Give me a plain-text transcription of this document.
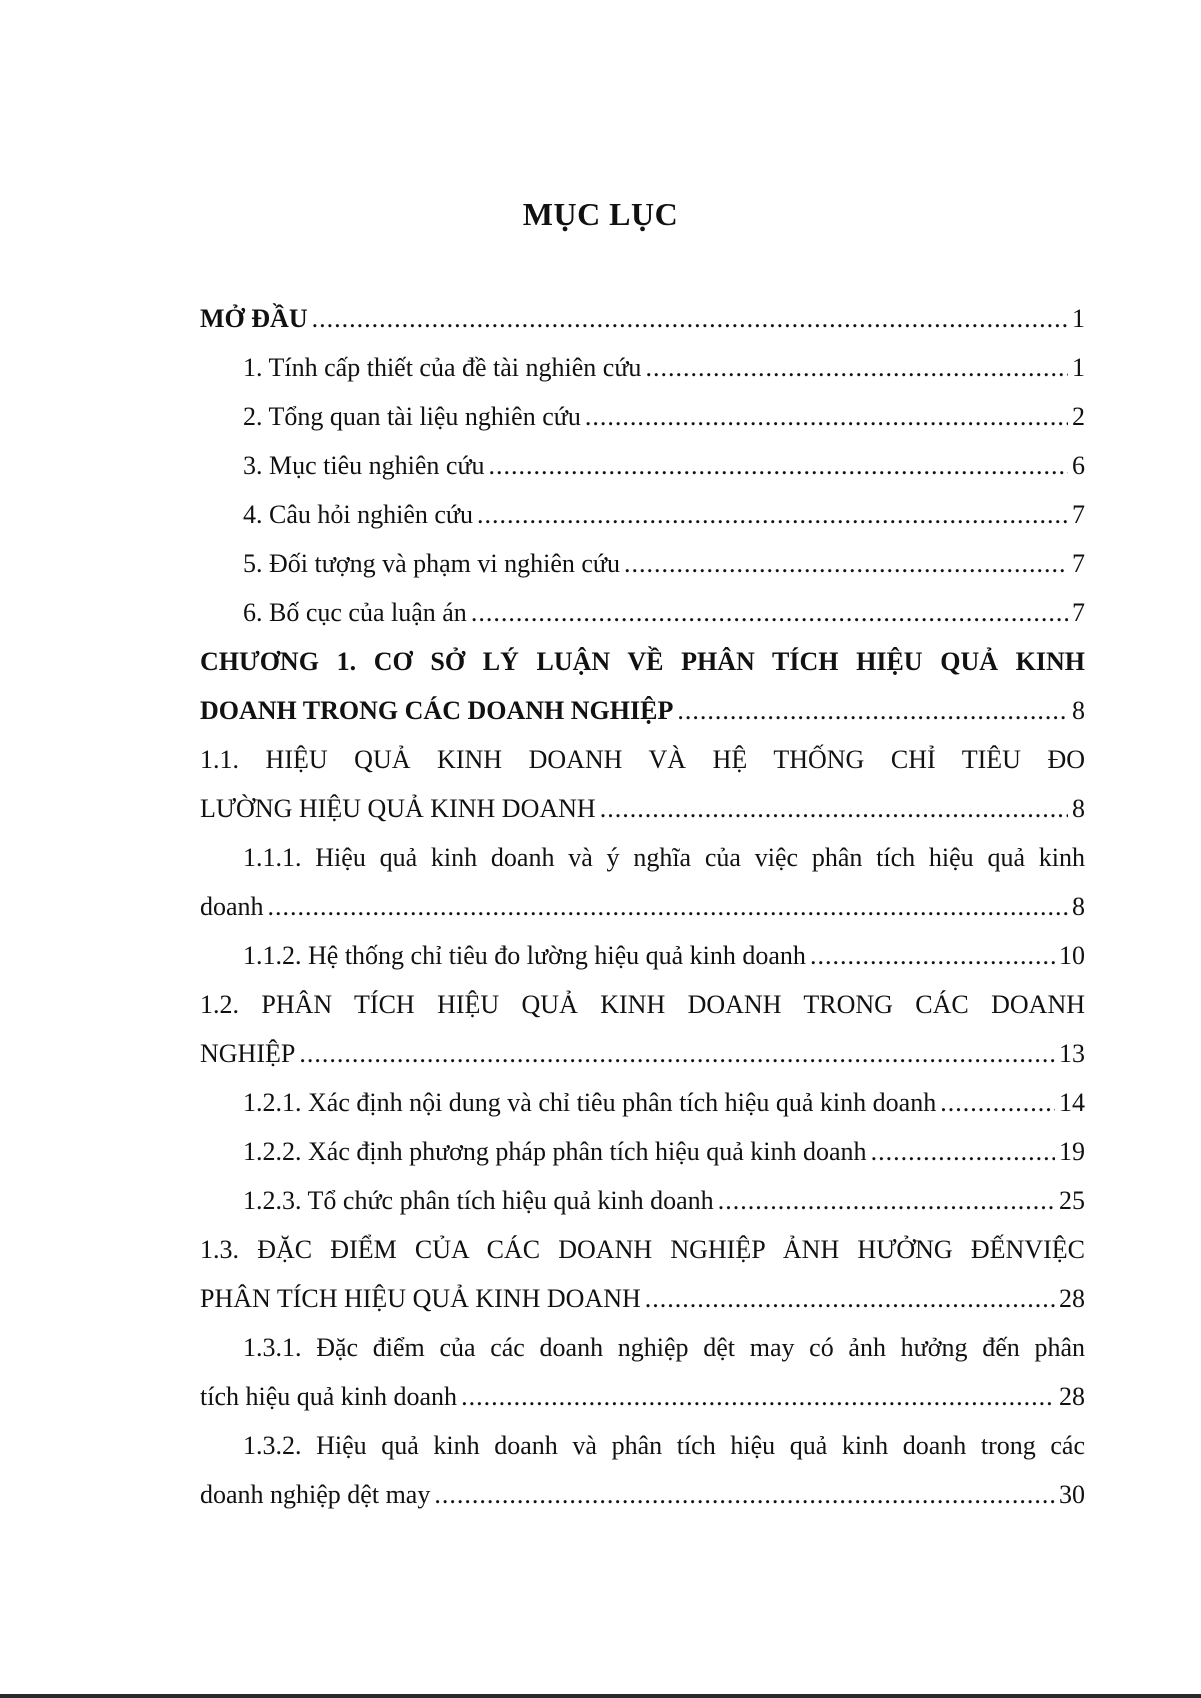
MỤC LỤC
MỞ ĐẦU .....	1
1. Tính cấp thiết của đề tài nghiên cứu .....	1
2. Tổng quan tài liệu nghiên cứu .....	2
3. Mục tiêu nghiên cứu .....	6
4. Câu hỏi nghiên cứu .....	7
5. Đối tượng và phạm vi nghiên cứu .....	7
6. Bố cục của luận án .....	7
CHƯƠNG 1. CƠ SỞ LÝ LUẬN VỀ PHÂN TÍCH HIỆU QUẢ KINH
DOANH TRONG CÁC DOANH NGHIỆP .....	8
1.1. HIỆU QUẢ KINH DOANH VÀ HỆ THỐNG CHỈ TIÊU ĐO
LƯỜNG HIỆU QUẢ KINH DOANH .....	8
1.1.1. Hiệu quả kinh doanh và ý nghĩa của việc phân tích hiệu quả kinh
doanh .....	8
1.1.2. Hệ thống chỉ tiêu đo lường hiệu quả kinh doanh .....	10
1.2. PHÂN TÍCH HIỆU QUẢ KINH DOANH TRONG CÁC DOANH
NGHIỆP .....	13
1.2.1. Xác định nội dung và chỉ tiêu phân tích hiệu quả kinh doanh .....	14
1.2.2. Xác định phương pháp phân tích hiệu quả kinh doanh .....	19
1.2.3. Tổ chức phân tích hiệu quả kinh doanh .....	25
1.3. ĐẶC ĐIỂM CỦA CÁC DOANH NGHIỆP ẢNH HƯỞNG ĐẾNVIỆC
PHÂN TÍCH HIỆU QUẢ KINH DOANH .....	28
1.3.1. Đặc điểm của các doanh nghiệp dệt may có ảnh hưởng đến phân
tích hiệu quả kinh doanh .....	28
1.3.2. Hiệu quả kinh doanh và phân tích hiệu quả kinh doanh trong các
doanh nghiệp dệt may .....	30
